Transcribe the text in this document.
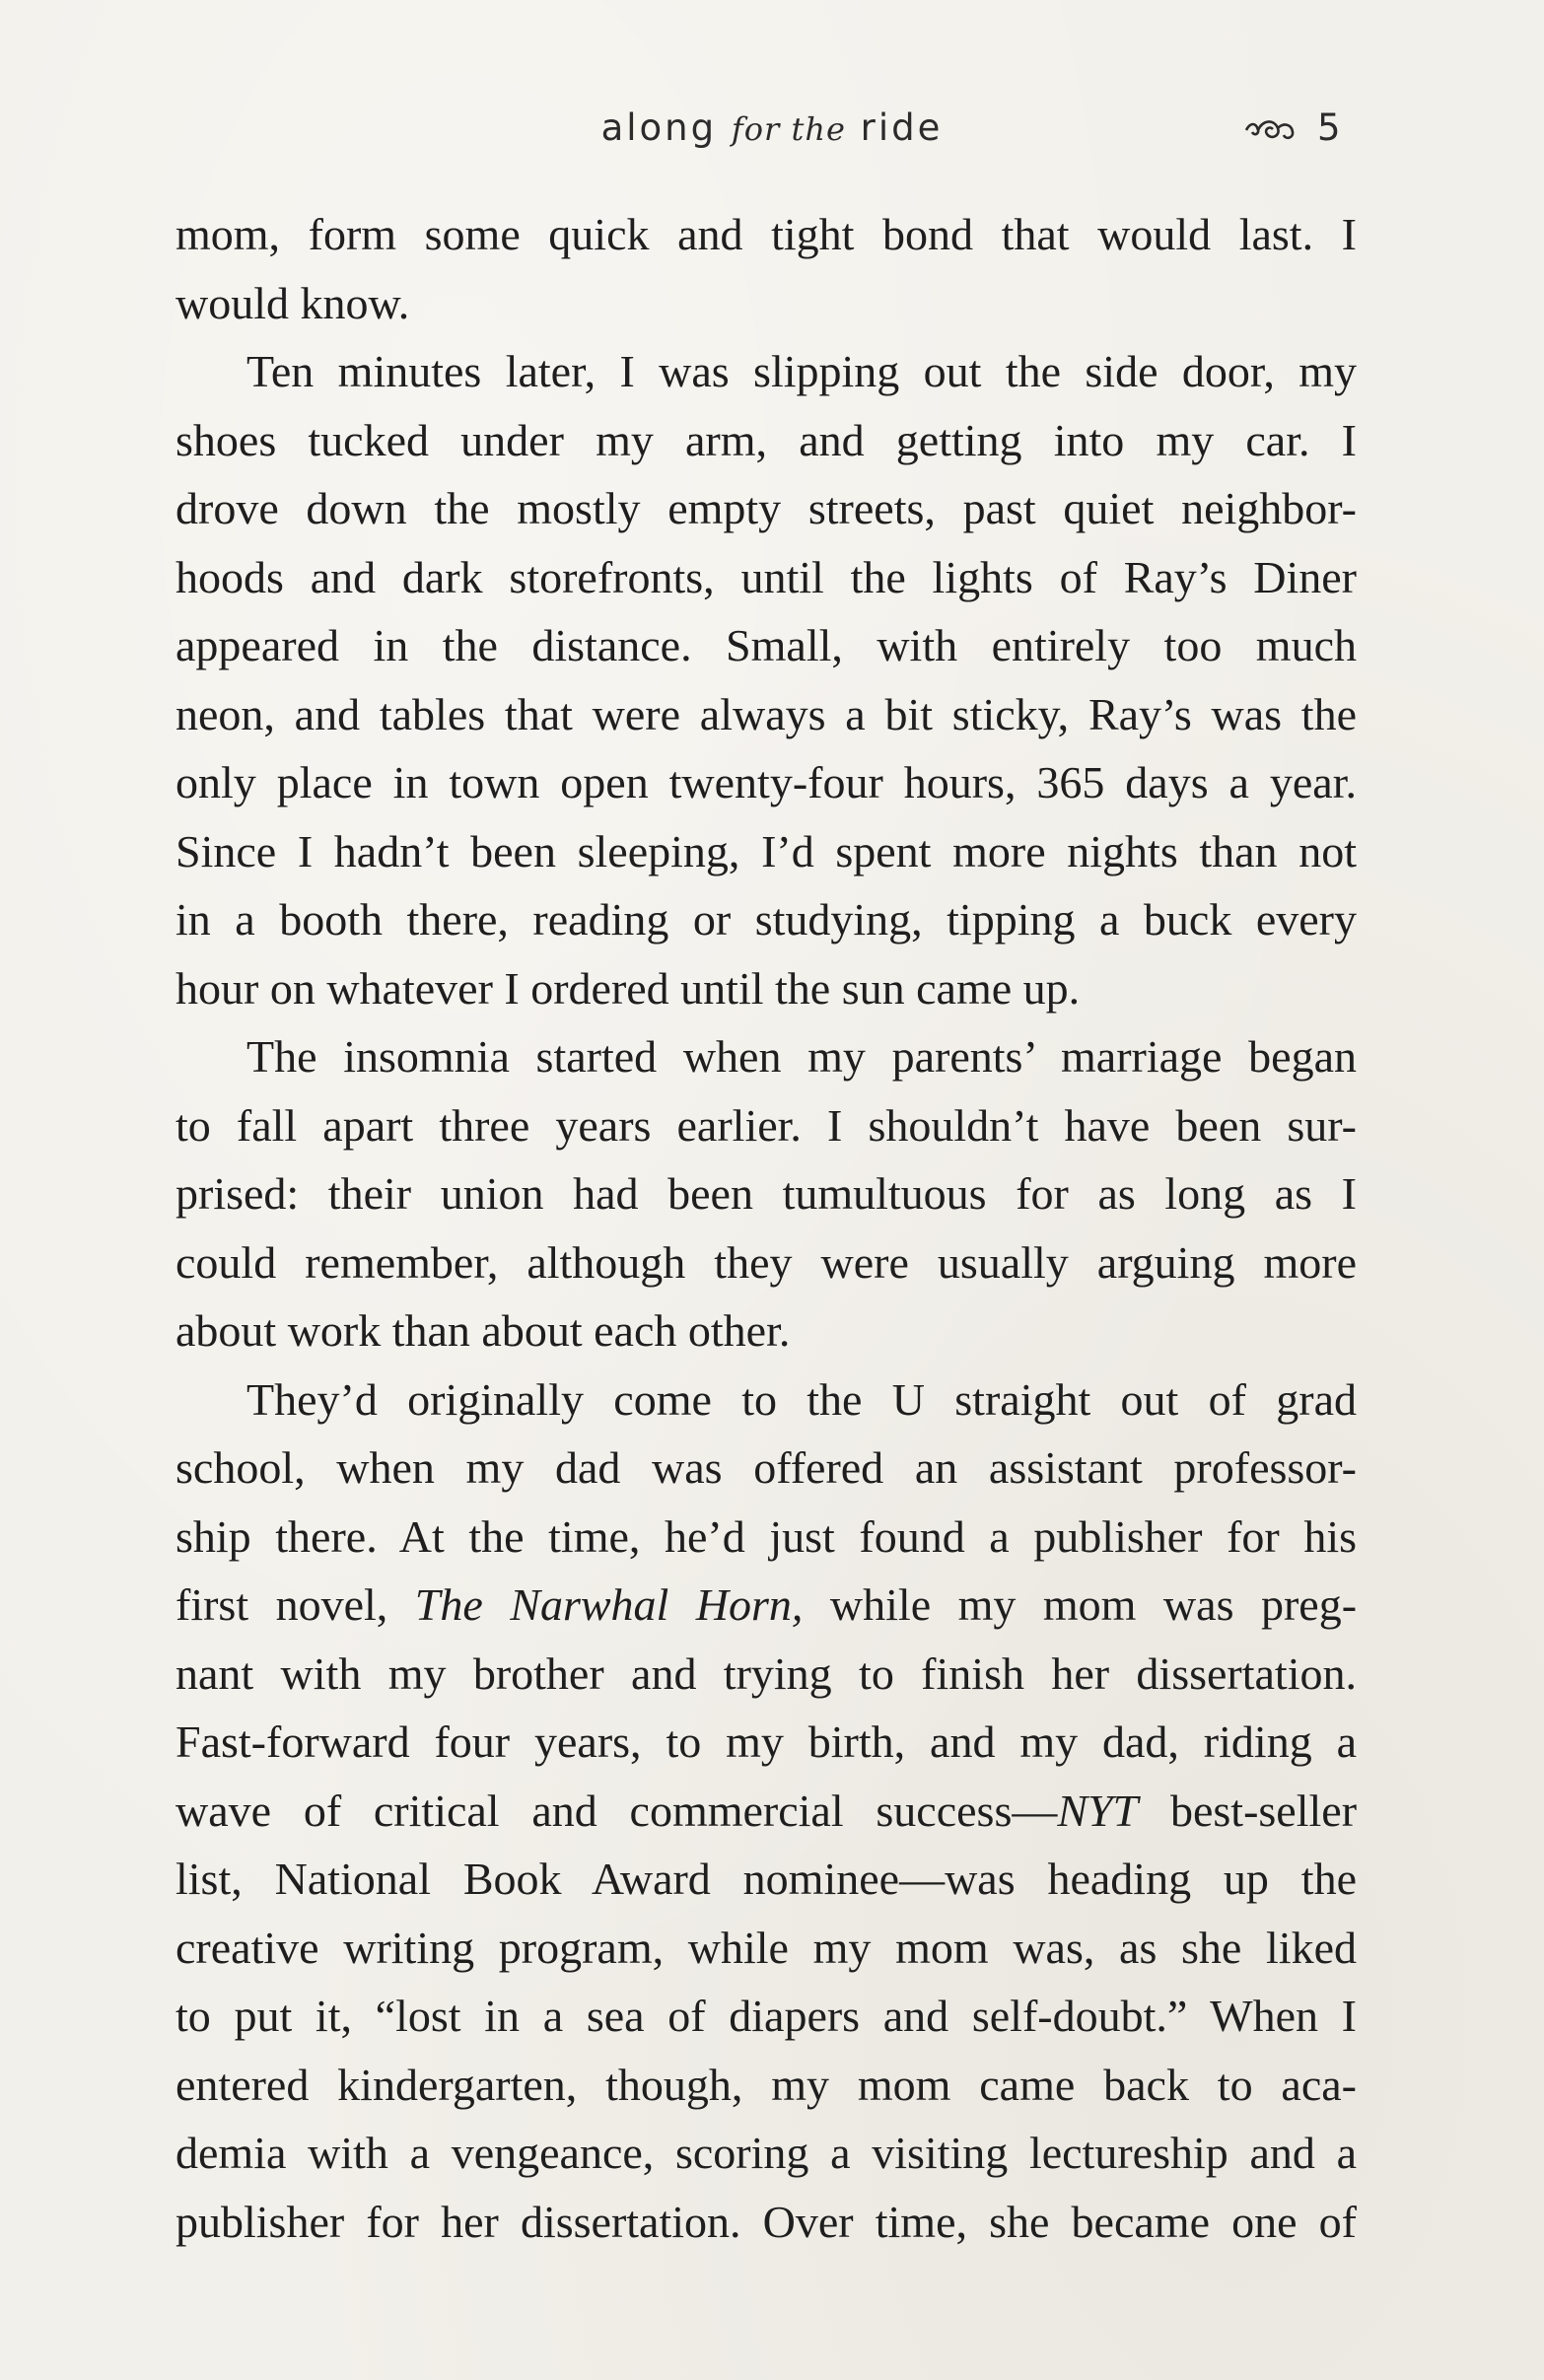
along for the ride	5
mom, form some quick and tight bond that would last. I
would know.
Ten minutes later, I was slipping out the side door, my
shoes tucked under my arm, and getting into my car. I
drove down the mostly empty streets, past quiet neighbor-
hoods and dark storefronts, until the lights of Ray’s Diner
appeared in the distance. Small, with entirely too much
neon, and tables that were always a bit sticky, Ray’s was the
only place in town open twenty-four hours, 365 days a year.
Since I hadn’t been sleeping, I’d spent more nights than not
in a booth there, reading or studying, tipping a buck every
hour on whatever I ordered until the sun came up.
The insomnia started when my parents’ marriage began
to fall apart three years earlier. I shouldn’t have been sur-
prised: their union had been tumultuous for as long as I
could remember, although they were usually arguing more
about work than about each other.
They’d originally come to the U straight out of grad
school, when my dad was offered an assistant professor-
ship there. At the time, he’d just found a publisher for his
first novel, The Narwhal Horn, while my mom was preg-
nant with my brother and trying to finish her dissertation.
Fast-forward four years, to my birth, and my dad, riding a
wave of critical and commercial success—NYT best-seller
list, National Book Award nominee—was heading up the
creative writing program, while my mom was, as she liked
to put it, “lost in a sea of diapers and self-doubt.” When I
entered kindergarten, though, my mom came back to aca-
demia with a vengeance, scoring a visiting lectureship and a
publisher for her dissertation. Over time, she became one of
